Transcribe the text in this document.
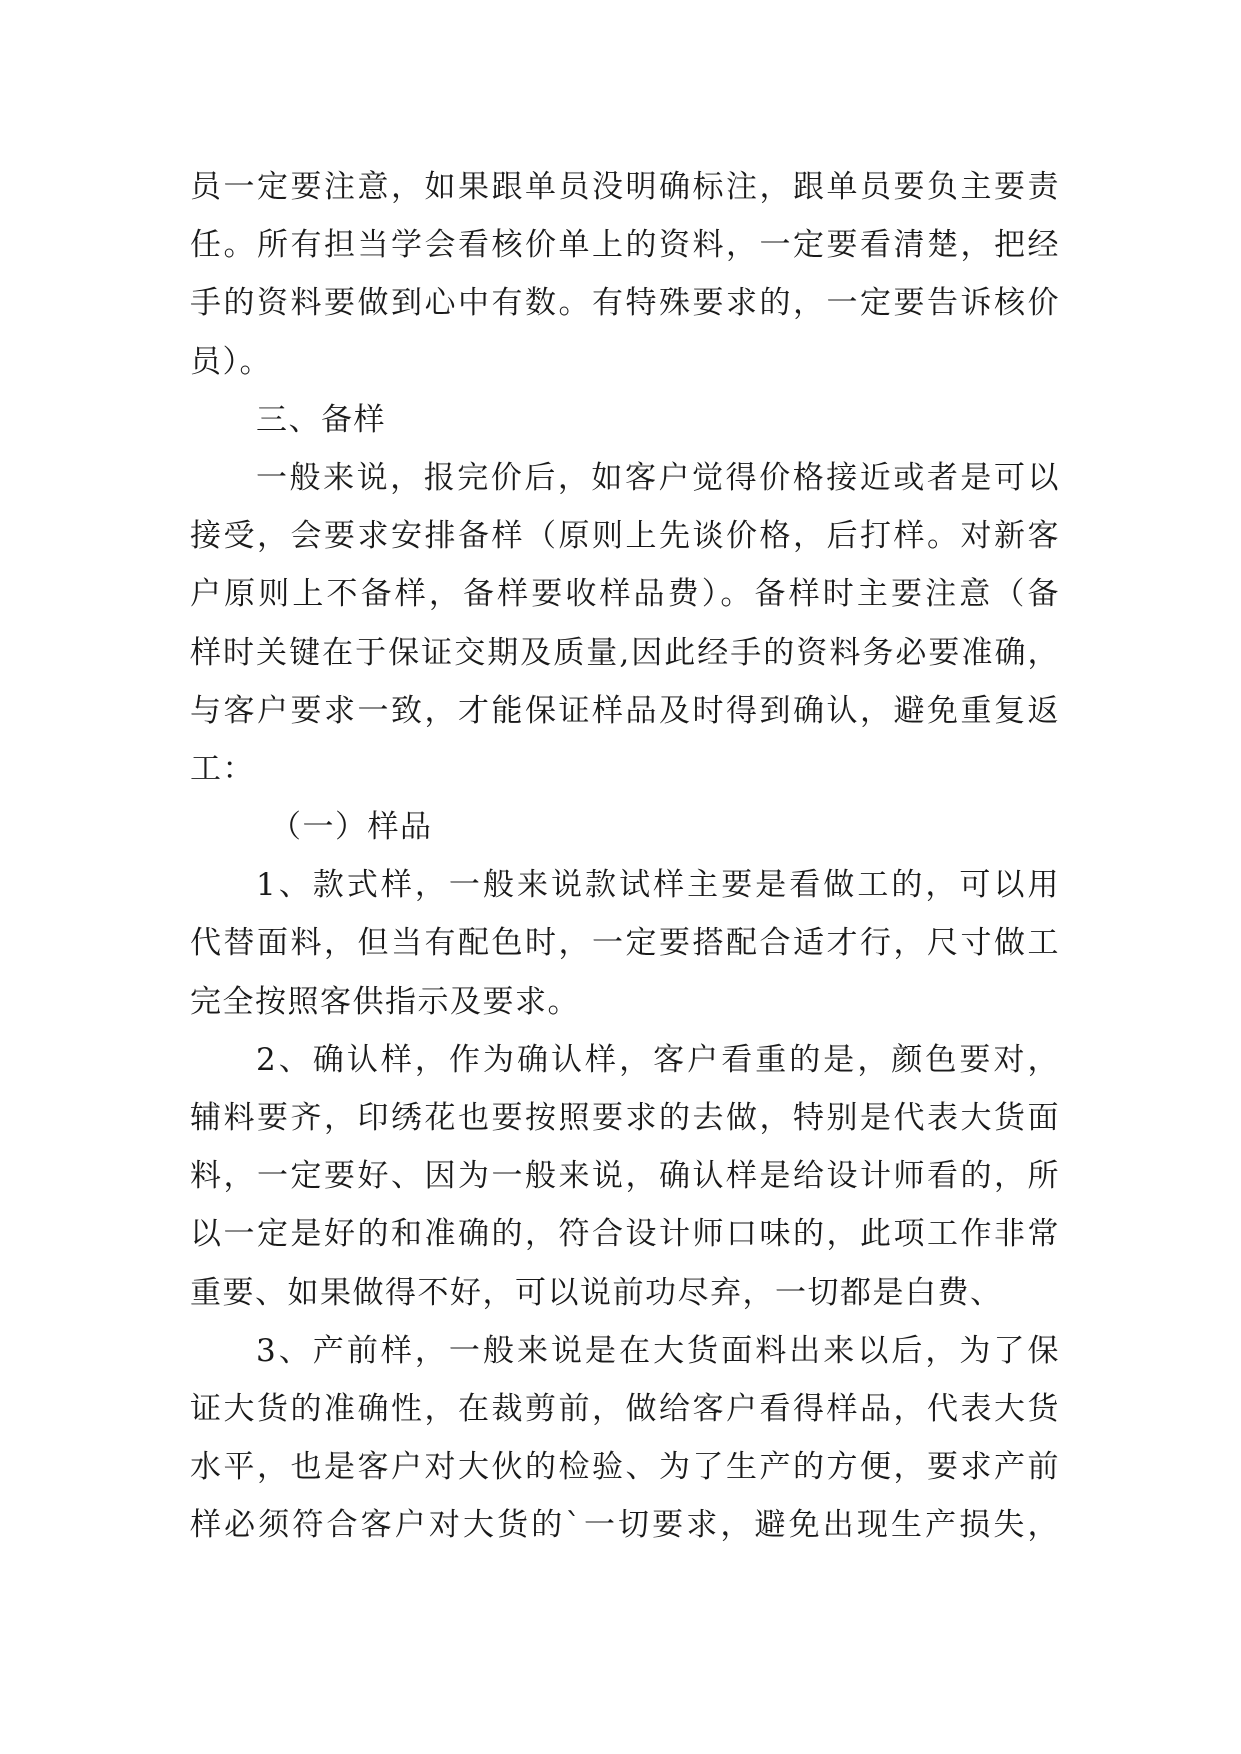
员一定要注意，如果跟单员没明确标注，跟单员要负主要责
任。所有担当学会看核价单上的资料，一定要看清楚，把经
手的资料要做到心中有数。有特殊要求的，一定要告诉核价
员）。
三、备样
一般来说，报完价后，如客户觉得价格接近或者是可以
接受，会要求安排备样（原则上先谈价格，后打样。对新客
户原则上不备样，备样要收样品费）。备样时主要注意（备
样时关键在于保证交期及质量,因此经手的资料务必要准确，
与客户要求一致，才能保证样品及时得到确认，避免重复返
工：
（一）样品
1、款式样，一般来说款试样主要是看做工的，可以用
代替面料，但当有配色时，一定要搭配合适才行，尺寸做工
完全按照客供指示及要求。
2、确认样，作为确认样，客户看重的是，颜色要对，
辅料要齐，印绣花也要按照要求的去做，特别是代表大货面
料，一定要好、因为一般来说，确认样是给设计师看的，所
以一定是好的和准确的，符合设计师口味的，此项工作非常
重要、如果做得不好，可以说前功尽弃，一切都是白费、
3、产前样，一般来说是在大货面料出来以后，为了保
证大货的准确性，在裁剪前，做给客户看得样品，代表大货
水平，也是客户对大伙的检验、为了生产的方便，要求产前
样必须符合客户对大货的`一切要求，避免出现生产损失，
